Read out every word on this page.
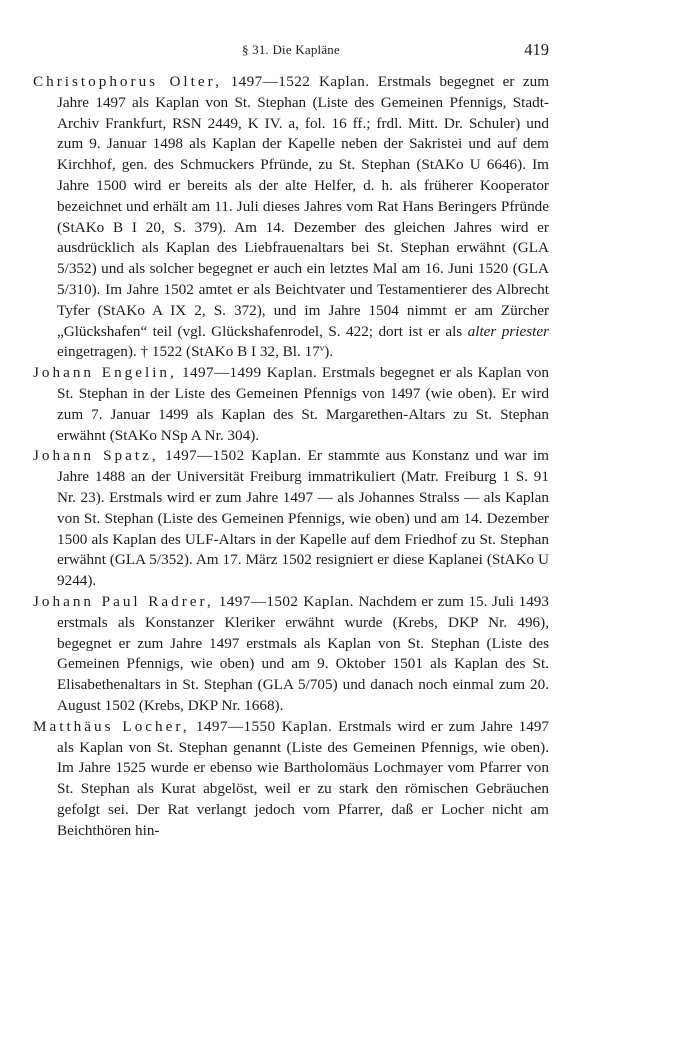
§ 31. Die Kapläne	419

Christophorus Olter, 1497—1522 Kaplan. Erstmals begegnet er zum Jahre 1497 als Kaplan von St. Stephan (Liste des Gemeinen Pfennigs, Stadt-Archiv Frankfurt, RSN 2449, K IV. a, fol. 16 ff.; frdl. Mitt. Dr. Schuler) und zum 9. Januar 1498 als Kaplan der Kapelle neben der Sakristei und auf dem Kirchhof, gen. des Schmuckers Pfründe, zu St. Stephan (StAKo U 6646). Im Jahre 1500 wird er bereits als der alte Helfer, d. h. als früherer Kooperator bezeichnet und erhält am 11. Juli dieses Jahres vom Rat Hans Beringers Pfründe (StAKo B I 20, S. 379). Am 14. Dezember des gleichen Jahres wird er ausdrücklich als Kaplan des Liebfrauenaltars bei St. Stephan erwähnt (GLA 5/352) und als solcher begegnet er auch ein letztes Mal am 16. Juni 1520 (GLA 5/310). Im Jahre 1502 amtet er als Beichtvater und Testamentierer des Albrecht Tyfer (StAKo A IX 2, S. 372), und im Jahre 1504 nimmt er am Zürcher „Glückshafen“ teil (vgl. Glückshafenrodel, S. 422; dort ist er als alter priester eingetragen). † 1522 (StAKo B I 32, Bl. 17$^v$).

Johann Engelin, 1497—1499 Kaplan. Erstmals begegnet er als Kaplan von St. Stephan in der Liste des Gemeinen Pfennigs von 1497 (wie oben). Er wird zum 7. Januar 1499 als Kaplan des St. Margarethen-Altars zu St. Stephan erwähnt (StAKo NSp A Nr. 304).

Johann Spatz, 1497—1502 Kaplan. Er stammte aus Konstanz und war im Jahre 1488 an der Universität Freiburg immatrikuliert (Matr. Freiburg 1 S. 91 Nr. 23). Erstmals wird er zum Jahre 1497 — als Johannes Stralss — als Kaplan von St. Stephan (Liste des Gemeinen Pfennigs, wie oben) und am 14. Dezember 1500 als Kaplan des ULF-Altars in der Kapelle auf dem Friedhof zu St. Stephan erwähnt (GLA 5/352). Am 17. März 1502 resigniert er diese Kaplanei (StAKo U 9244).

Johann Paul Radrer, 1497—1502 Kaplan. Nachdem er zum 15. Juli 1493 erstmals als Konstanzer Kleriker erwähnt wurde (Krebs, DKP Nr. 496), begegnet er zum Jahre 1497 erstmals als Kaplan von St. Stephan (Liste des Gemeinen Pfennigs, wie oben) und am 9. Oktober 1501 als Kaplan des St. Elisabethenaltars in St. Stephan (GLA 5/705) und danach noch einmal zum 20. August 1502 (Krebs, DKP Nr. 1668).

Matthäus Locher, 1497—1550 Kaplan. Erstmals wird er zum Jahre 1497 als Kaplan von St. Stephan genannt (Liste des Gemeinen Pfennigs, wie oben). Im Jahre 1525 wurde er ebenso wie Bartholomäus Lochmayer vom Pfarrer von St. Stephan als Kurat abgelöst, weil er zu stark den römischen Gebräuchen gefolgt sei. Der Rat verlangt jedoch vom Pfarrer, daß er Locher nicht am Beichthören hin-
